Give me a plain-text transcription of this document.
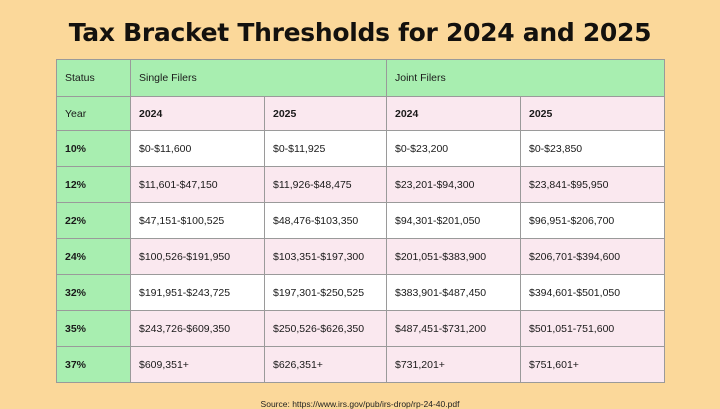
Tax Bracket Thresholds for 2024 and 2025
Status	Single Filers		Joint Filers	
Year	2024	2025	2024	2025
10%	$0-$11,600	$0-$11,925	$0-$23,200	$0-$23,850
12%	$11,601-$47,150	$11,926-$48,475	$23,201-$94,300	$23,841-$95,950
22%	$47,151-$100,525	$48,476-$103,350	$94,301-$201,050	$96,951-$206,700
24%	$100,526-$191,950	$103,351-$197,300	$201,051-$383,900	$206,701-$394,600
32%	$191,951-$243,725	$197,301-$250,525	$383,901-$487,450	$394,601-$501,050
35%	$243,726-$609,350	$250,526-$626,350	$487,451-$731,200	$501,051-751,600
37%	$609,351+	$626,351+	$731,201+	$751,601+
Source: https://www.irs.gov/pub/irs-drop/rp-24-40.pdf
